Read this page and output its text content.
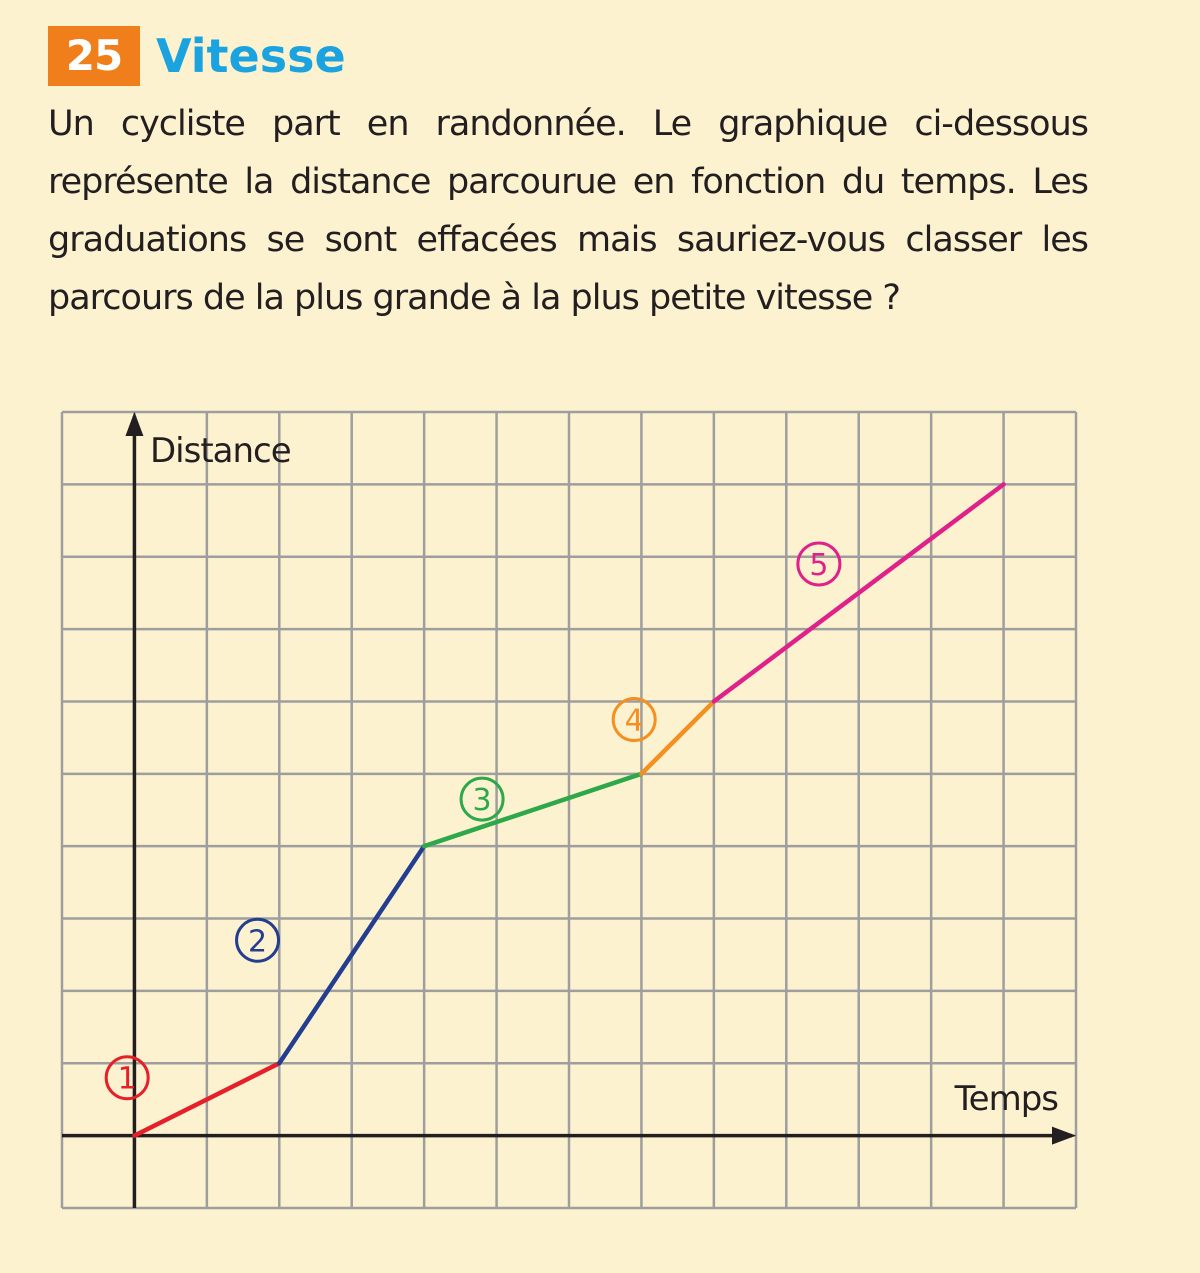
25 Vitesse
Un cycliste part en randonnée. Le graphique ci-dessous représente la distance parcourue en fonction du temps. Les graduations se sont effacées mais sauriez-vous classer les parcours de la plus grande à la plus petite vitesse ?
1
2
3
4
5
Distance
Temps
